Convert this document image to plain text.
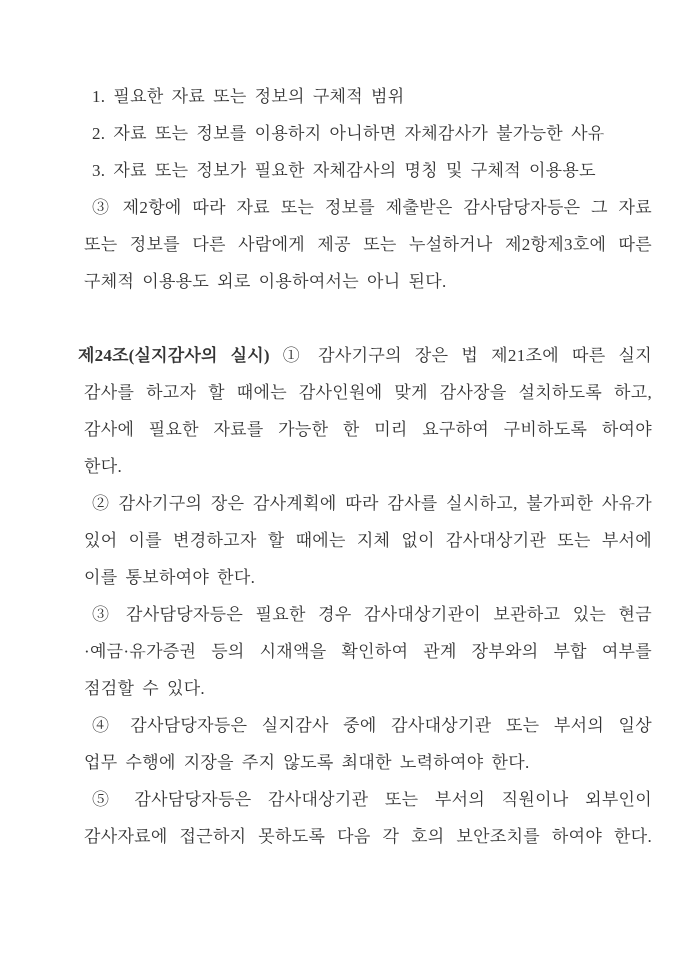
1. 필요한 자료 또는 정보의 구체적 범위
2. 자료 또는 정보를 이용하지 아니하면 자체감사가 불가능한 사유
3. 자료 또는 정보가 필요한 자체감사의 명칭 및 구체적 이용용도
③ 제2항에 따라 자료 또는 정보를 제출받은 감사담당자등은 그 자료
또는 정보를 다른 사람에게 제공 또는 누설하거나 제2항제3호에 따른
구체적 이용용도 외로 이용하여서는 아니 된다.
제24조(실지감사의 실시) ① 감사기구의 장은 법 제21조에 따른 실지
감사를 하고자 할 때에는 감사인원에 맞게 감사장을 설치하도록 하고,
감사에 필요한 자료를 가능한 한 미리 요구하여 구비하도록 하여야
한다.
② 감사기구의 장은 감사계획에 따라 감사를 실시하고, 불가피한 사유가
있어 이를 변경하고자 할 때에는 지체 없이 감사대상기관 또는 부서에
이를 통보하여야 한다.
③ 감사담당자등은 필요한 경우 감사대상기관이 보관하고 있는 현금
·예금·유가증권 등의 시재액을 확인하여 관계 장부와의 부합 여부를
점검할 수 있다.
④ 감사담당자등은 실지감사 중에 감사대상기관 또는 부서의 일상
업무 수행에 지장을 주지 않도록 최대한 노력하여야 한다.
⑤ 감사담당자등은 감사대상기관 또는 부서의 직원이나 외부인이
감사자료에 접근하지 못하도록 다음 각 호의 보안조치를 하여야 한다.
